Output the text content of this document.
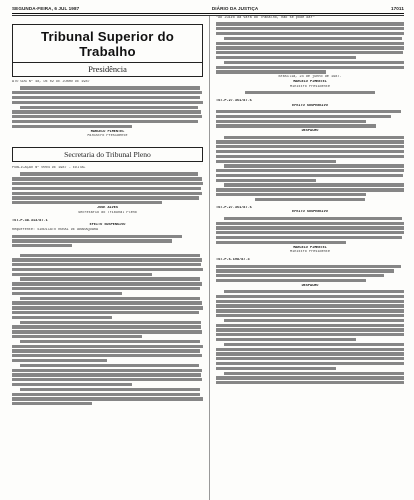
SEGUNDA-FEIRA, 6 JUL 1987	DIÁRIO DA JUSTIÇA	17011
Tribunal Superior do Trabalho
Presidência
ATO GDG Nº 48, DE 02 DE JUNHO DE 1987
MARCELO PIMENTEL
Ministro Presidente
Secretaria do Tribunal Pleno
PUBLICAÇÃO Nº 0004 DE 1987 - EDITAL
JOSÉ ALVES
Secretário do Tribunal Pleno
TST-P-38.313/87.1
EFEITO SUSPENSIVO
Requerente: SINDICATO RURAL DE ARARAQUARA
"Ao Juízo da Vara do Trabalho, não se pode dar"
Brasília, 24 de junho de 1987.
MARCELO PIMENTEL
Ministro Presidente
TST-P-27.361/87.5
EFEITO SUSPENSIVO
DESPACHO
TST-P-27.361/87.5
EFEITO SUSPENSIVO
MARCELO PIMENTEL
Ministro Presidente
TST-P-5.198/87.3
DESPACHO
